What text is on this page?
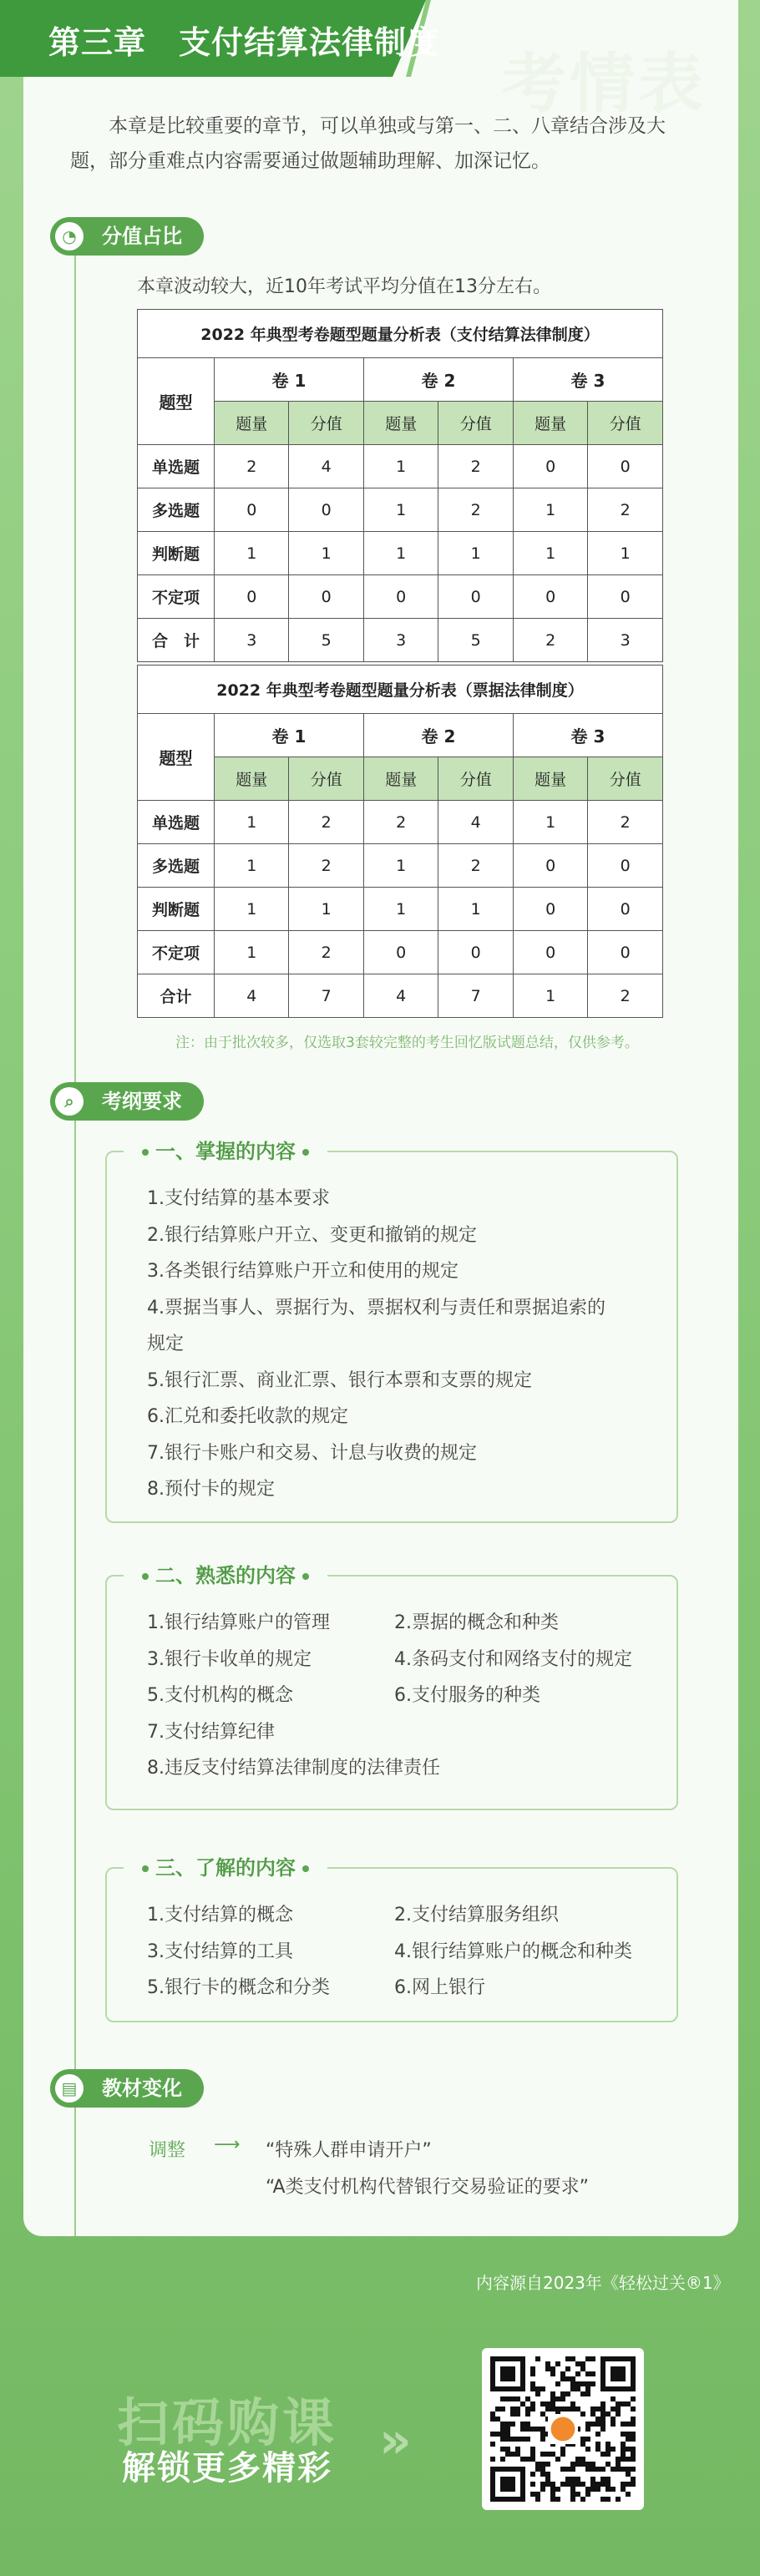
第三章　支付结算法律制度
考情表
本章是比较重要的章节，可以单独或与第一、二、八章结合涉及大题，部分重难点内容需要通过做题辅助理解、加深记忆。
◔	分值占比
本章波动较大，近10年考试平均分值在13分左右。
2022 年典型考卷题型题量分析表（支付结算法律制度）						
题型	卷 1		卷 2		卷 3	
	题量	分值	题量	分值	题量	分值
单选题	2	4	1	2	0	0
多选题	0	0	1	2	1	2
判断题	1	1	1	1	1	1
不定项	0	0	0	0	0	0
合　计	3	5	3	5	2	3
2022 年典型考卷题型题量分析表（票据法律制度）						
题型	卷 1		卷 2		卷 3	
	题量	分值	题量	分值	题量	分值
单选题	1	2	2	4	1	2
多选题	1	2	1	2	0	0
判断题	1	1	1	1	0	0
不定项	1	2	0	0	0	0
合计	4	7	4	7	1	2
注：由于批次较多，仅选取3套较完整的考生回忆版试题总结，仅供参考。
⌕	考纲要求
一、掌握的内容
1.支付结算的基本要求
2.银行结算账户开立、变更和撤销的规定
3.各类银行结算账户开立和使用的规定
4.票据当事人、票据行为、票据权利与责任和票据追索的
规定
5.银行汇票、商业汇票、银行本票和支票的规定
6.汇兑和委托收款的规定
7.银行卡账户和交易、计息与收费的规定
8.预付卡的规定
二、熟悉的内容
1.银行结算账户的管理	2.票据的概念和种类
3.银行卡收单的规定	4.条码支付和网络支付的规定
5.支付机构的概念	6.支付服务的种类
7.支付结算纪律
8.违反支付结算法律制度的法律责任
三、了解的内容
1.支付结算的概念	2.支付结算服务组织
3.支付结算的工具	4.银行结算账户的概念和种类
5.银行卡的概念和分类	6.网上银行
▤	教材变化
调整 ⟶ “特殊人群申请开户”
“A类支付机构代替银行交易验证的要求”
内容源自2023年《轻松过关®1》
扫码购课
解锁更多精彩 »
